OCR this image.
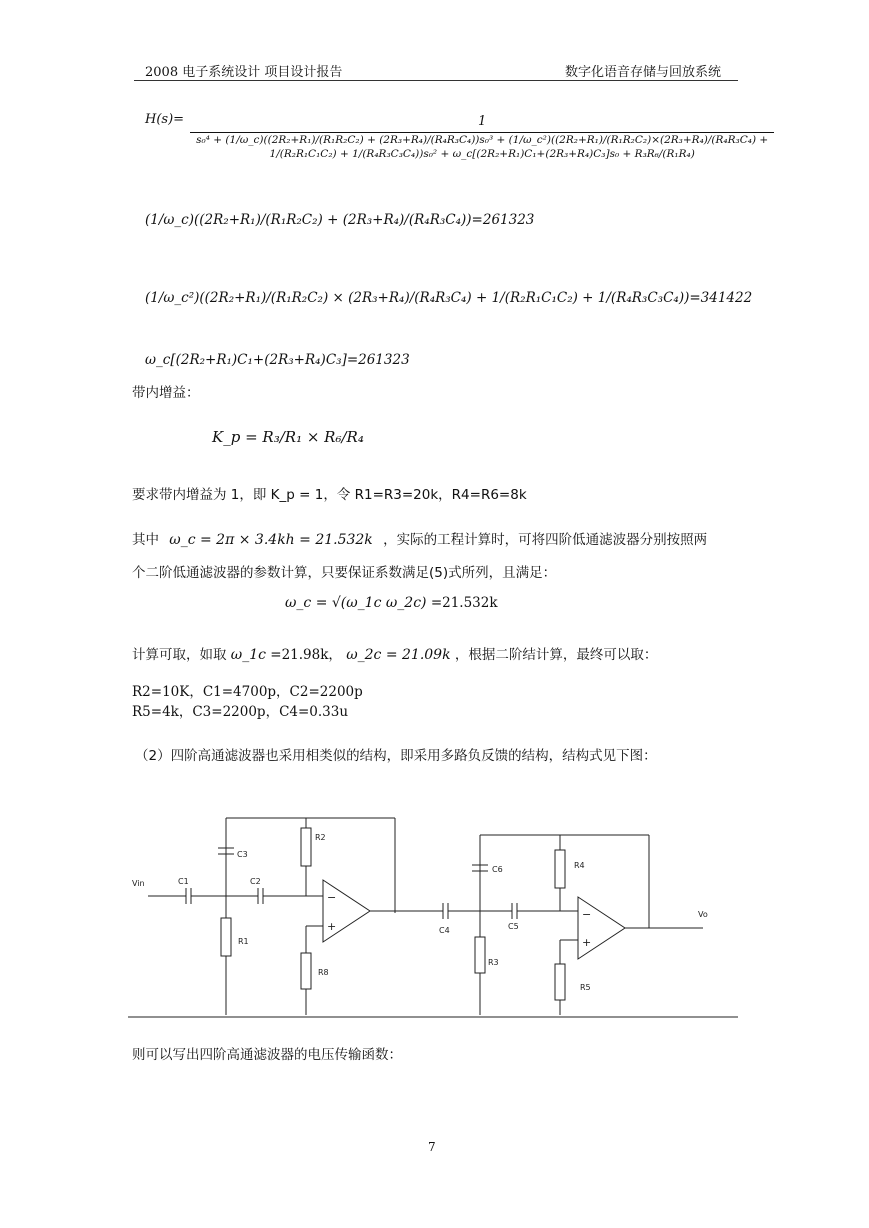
2008 电子系统设计 项目设计报告	数字化语音存储与回放系统
H(s)=	1
s₀⁴ + (1/ω_c)((2R₂+R₁)/(R₁R₂C₂) + (2R₃+R₄)/(R₄R₃C₄))s₀³ + (1/ω_c²)((2R₂+R₁)/(R₁R₂C₂)×(2R₃+R₄)/(R₄R₃C₄) + 1/(R₂R₁C₁C₂) + 1/(R₄R₃C₃C₄))s₀² + ω_c[(2R₂+R₁)C₁+(2R₃+R₄)C₃]s₀ + R₃R₆/(R₁R₄)
(1/ω_c)((2R₂+R₁)/(R₁R₂C₂) + (2R₃+R₄)/(R₄R₃C₄))=261323
(1/ω_c²)((2R₂+R₁)/(R₁R₂C₂) × (2R₃+R₄)/(R₄R₃C₄) + 1/(R₂R₁C₁C₂) + 1/(R₄R₃C₃C₄))=341422
ω_c[(2R₂+R₁)C₁+(2R₃+R₄)C₃]=261323
带内增益：
K_p = R₃/R₁ × R₆/R₄
要求带内增益为 1，即 K_p = 1，令 R1=R3=20k，R4=R6=8k
其中 ω_c = 2π × 3.4kh = 21.532k ，实际的工程计算时，可将四阶低通滤波器分别按照两
个二阶低通滤波器的参数计算，只要保证系数满足(5)式所列，且满足：
ω_c = √(ω_1c ω_2c) =21.532k
计算可取，如取 ω_1c =21.98k， ω_2c = 21.09k ，根据二阶结计算，最终可以取：
R2=10K，C1=4700p，C2=2200p
R5=4k，C3=2200p，C4=0.33u
（2）四阶高通滤波器也采用相类似的结构，即采用多路负反馈的结构，结构式见下图：
Vin	C1	C2
C3
R1
R2
R8
C4	C5
C6
R3
R4
R5
Vo
−
+
−
+
则可以写出四阶高通滤波器的电压传输函数：
7
